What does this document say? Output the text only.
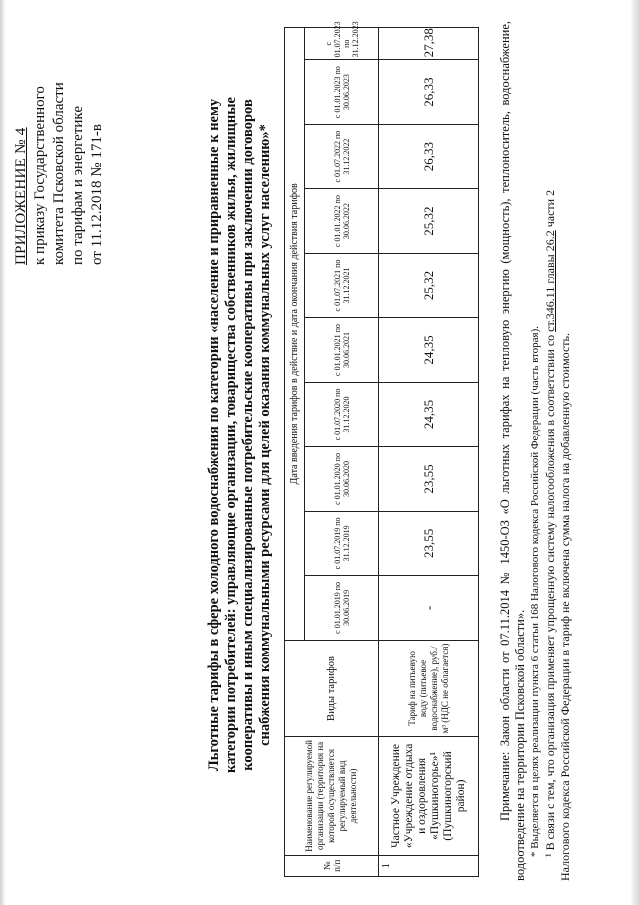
ПРИЛОЖЕНИЕ № 4 к приказу Государственного комитета Псковской области по тарифам и энергетике от 11.12.2018 № 171-в	Льготные тарифы в сфере холодного водоснабжения по категории «население и приравненные к нему категории потребителей: управляющие организации, товарищества собственников жилья, жилищные кооперативы и иным специализированные потребительские кооперативы при заключении договоров снабжения коммунальными ресурсами для целей оказания коммунальных услуг населению»*
№ п/п	Наименование регулируемой организации (территория на которой осуществляется регулируемый вид деятельности)	Виды тарифов	Дата введения тарифов в действие и дата окончания действия тарифов									
			с 01.01.2019 по 30.06.2019	с 01.07.2019 по 31.12.2019	с 01.01.2020 по 30.06.2020	с 01.07.2020 по 31.12.2020	с 01.01.2021 по 30.06.2021	с 01.07.2021 по 31.12.2021	с 01.01.2022 по 30.06.2022	с 01.07.2022 по 31.12.2022	с 01.01.2023 по 30.06.2023	с 01.07.2023 по 31.12.2023
1	Частное Учреждение «Учреждение отдыха и оздоровления «Пушкиногорье»¹ (Пушкиногорский район)	Тариф на питьевую воду (питьевое водоснабжение), руб./м³ (НДС не облагается)	-	23,55	23,55	24,35	24,35	25,32	25,32	26,33	26,33	27,38	Примечание: Закон области от 07.11.2014 № 1450-ОЗ «О льготных тарифах на тепловую энергию (мощность), теплоноситель, водоснабжение, водоотведение на территории Псковской области». * Выделяется в целях реализации пункта 6 статьи 168 Налогового кодекса Российской Федерации (часть вторая). ¹ В связи с тем, что организация применяет упрощенную систему налогообложения в соответствии со ст.346.11 главы 26.2 части 2

Налогового кодекса Российской Федерации в тариф не включена сумма налога на добавленную стоимость.
